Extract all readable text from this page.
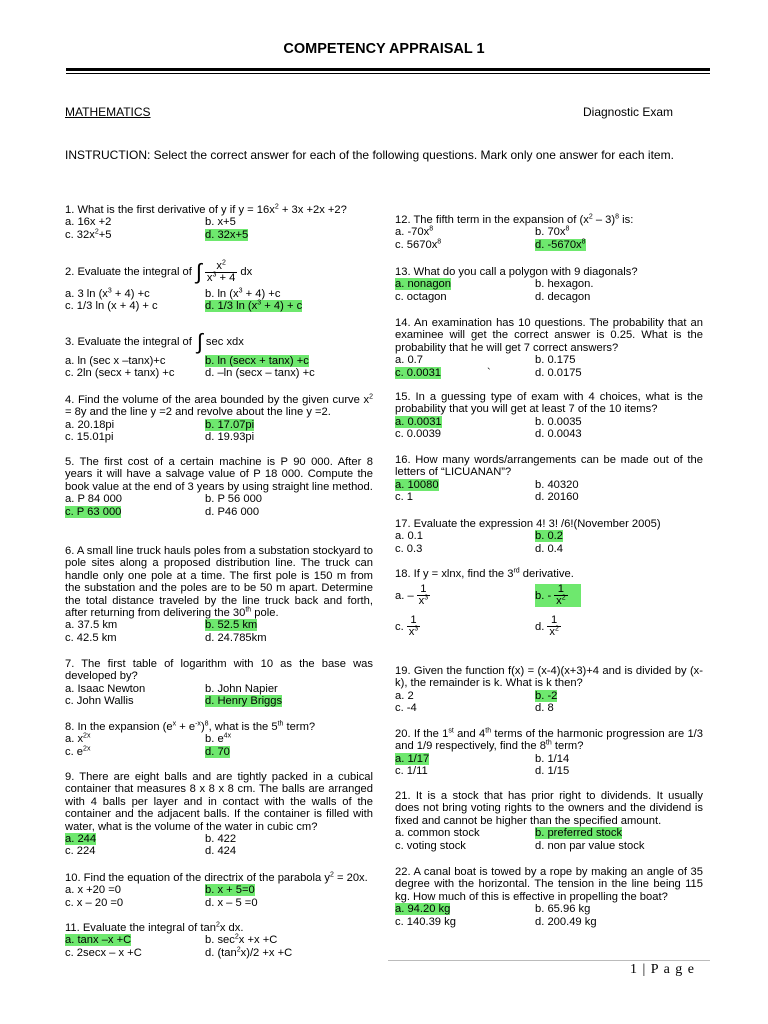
COMPETENCY APPRAISAL 1
MATHEMATICS	Diagnostic Exam
INSTRUCTION: Select the correct answer for each of the following questions. Mark only one answer for each item.
1. What is the first derivative of y if $y = 16x^2 + 3x +2x +2$?
a. 16x +2	b. x+5
c. $32x^2+5$	d. 32x+5
2. Evaluate the integral of ∫ $\frac{x^2}{x^3 + 4}$ dx
a. 3 $\ln (x^3 + 4) +c$	b. $\ln (x^3 + 4) +c$
c. 1/3 ln (x + 4) + c	d. 1/3 $\ln (x^3 + 4) + c$
3. Evaluate the integral of ∫ sec xdx
a. ln (sec x –tanx)+c	b. ln (secx + tanx) +c
c. 2ln (secx + tanx) +c	d. –ln (secx – tanx) +c
4. Find the volume of the area bounded by the given curve $x^2 = 8y$ and the line y =2 and revolve about the line y =2.
a. 20.18pi	b. 17.07pi
c. 15.01pi	d. 19.93pi
5. The first cost of a certain machine is P 90 000. After 8 years it will have a salvage value of P 18 000. Compute the book value at the end of 3 years by using straight line method.
a. P 84 000	b. P 56 000
c. P 63 000	d. P46 000
6. A small line truck hauls poles from a substation stockyard to pole sites along a proposed distribution line. The truck can handle only one pole at a time. The first pole is 150 m from the substation and the poles are to be 50 m apart. Determine the total distance traveled by the line truck back and forth, after returning from delivering the 30th pole.
a. 37.5 km	b. 52.5 km
c. 42.5 km	d. 24.785km
7. The first table of logarithm with 10 as the base was developed by?
a. Isaac Newton	b. John Napier
c. John Wallis	d. Henry Briggs
8. In the expansion $(e^x + e^{-x})^8$, what is the 5th term?
a. $x^{2x}$	b. $e^{4x}$
c. $e^{2x}$	d. 70
9. There are eight balls and are tightly packed in a cubical container that measures 8 x 8 x 8 cm. The balls are arranged with 4 balls per layer and in contact with the walls of the container and the adjacent balls. If the container is filled with water, what is the volume of the water in cubic cm?
a. 244	b. 422
c. 224	d. 424
10. Find the equation of the directrix of the parabola $y^2 = 20x$.
a. x +20 =0	b. x + 5=0
c. x – 20 =0	d. x – 5 =0
11. Evaluate the integral of $\tan^2x$ dx.
a. tanx –x +C	b. $\sec^2x +x +C$
c. 2secx – x +C	d. $(\tan^2x)/2 +x +C$
12. The fifth term in the expansion of $(x^2 - 3)^8$ is:
a. $-70x^8$	b. $70x^8$
c. $5670x^8$	d. $-5670x^8$
13. What do you call a polygon with 9 diagonals?
a. nonagon	b. hexagon.
c. octagon	d. decagon
14. An examination has 10 questions. The probability that an examinee will get the correct answer is 0.25. What is the probability that he will get 7 correct answers?
a. 0.7	b. 0.175
c. 0.0031	`	d. 0.0175
15. In a guessing type of exam with 4 choices, what is the probability that you will get at least 7 of the 10 items?
a. 0.0031	b. 0.0035
c. 0.0039	d. 0.0043
16. How many words/arrangements can be made out of the letters of “LICUANAN”?
a. 10080	b. 40320
c. 1	d. 20160
17. Evaluate the expression 4! 3! /6!(November 2005)
a. 0.1	b. 0.2
c. 0.3	d. 0.4
18. If y = xlnx, find the 3rd derivative.
a. – $\frac{1}{x^3}$	b. - $\frac{1}{x^2}$
c. $\frac{1}{x^3}$	d. $\frac{1}{x^2}$
19. Given the function f(x) = (x-4)(x+3)+4 and is divided by (x-k), the remainder is k. What is k then?
a. 2	b. -2
c. -4	d. 8
20. If the 1st and 4th terms of the harmonic progression are 1/3 and 1/9 respectively, find the 8th term?
a. 1/17	b. 1/14
c. 1/11	d. 1/15
21. It is a stock that has prior right to dividends. It usually does not bring voting rights to the owners and the dividend is fixed and cannot be higher than the specified amount.
a. common stock	b. preferred stock
c. voting stock	d. non par value stock
22. A canal boat is towed by a rope by making an angle of 35 degree with the horizontal. The tension in the line being 115 kg. How much of this is effective in propelling the boat?
a. 94.20 kg	b. 65.96 kg
c. 140.39 kg	d. 200.49 kg
1 | P a g e
